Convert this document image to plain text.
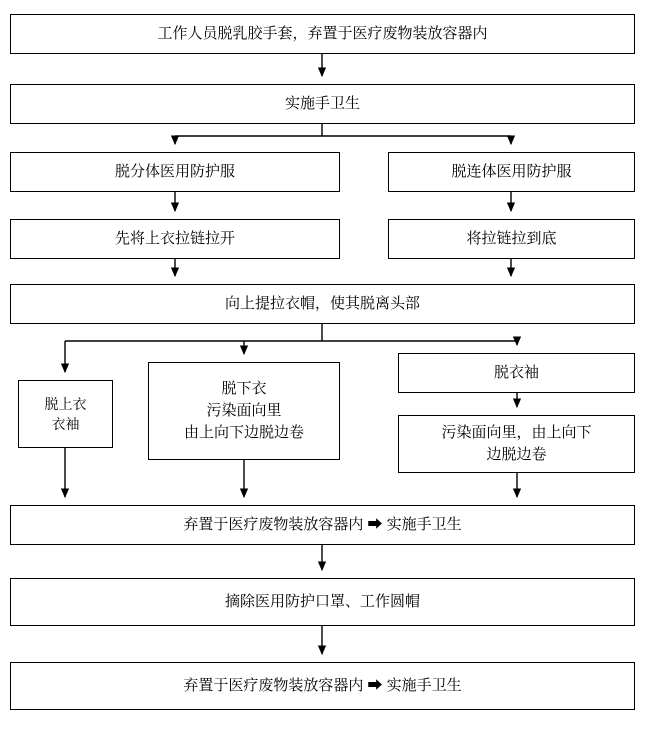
工作人员脱乳胶手套，弃置于医疗废物装放容器内
实施手卫生
脱分体医用防护服	脱连体医用防护服
先将上衣拉链拉开	将拉链拉到底
向上提拉衣帽，使其脱离头部
脱上衣
衣袖
脱下衣
污染面向里
由上向下边脱边卷
脱衣袖
污染面向里，由上向下
边脱边卷
弃置于医疗废物装放容器内 ➡ 实施手卫生
摘除医用防护口罩、工作圆帽
弃置于医疗废物装放容器内 ➡ 实施手卫生
